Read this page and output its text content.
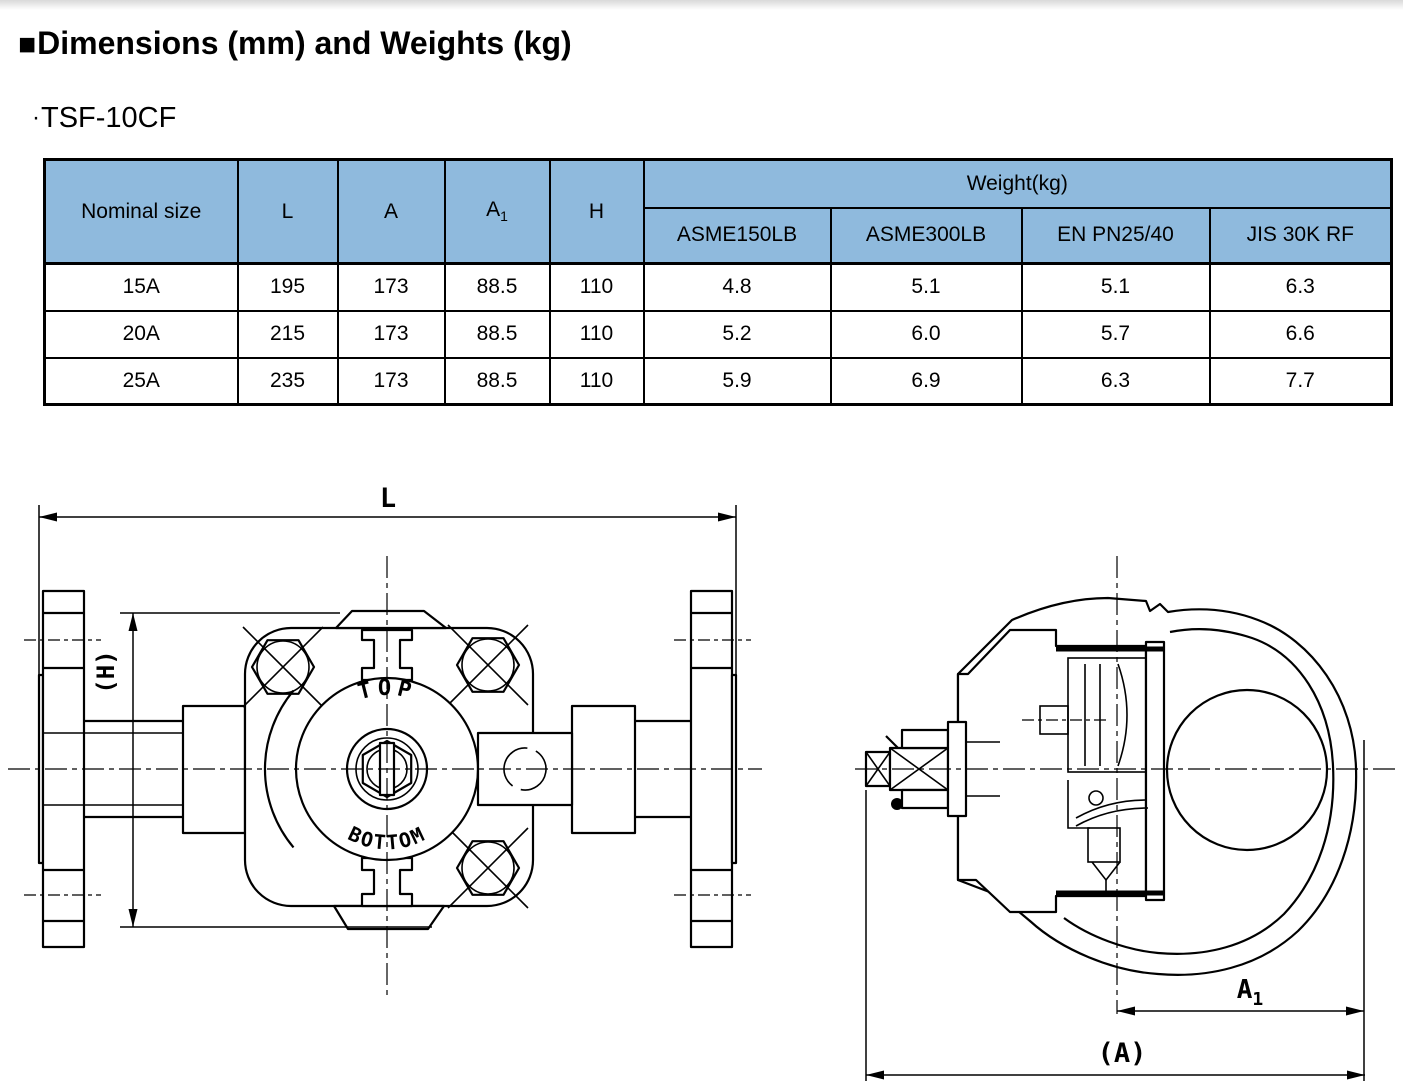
■Dimensions (mm) and Weights (kg)
·TSF-10CF
Nominal size	L	A	$A_1$	H	Weight(kg)			
					ASME150LB	ASME300LB	EN PN25/40	JIS 30K RF
15A	195	173	88.5	110	4.8	5.1	5.1	6.3
20A	215	173	88.5	110	5.2	6.0	5.7	6.6
25A	235	173	88.5	110	5.9	6.9	6.3	7.7
L
TOP
BOTTOM
(H)
$A_1$
(A)
